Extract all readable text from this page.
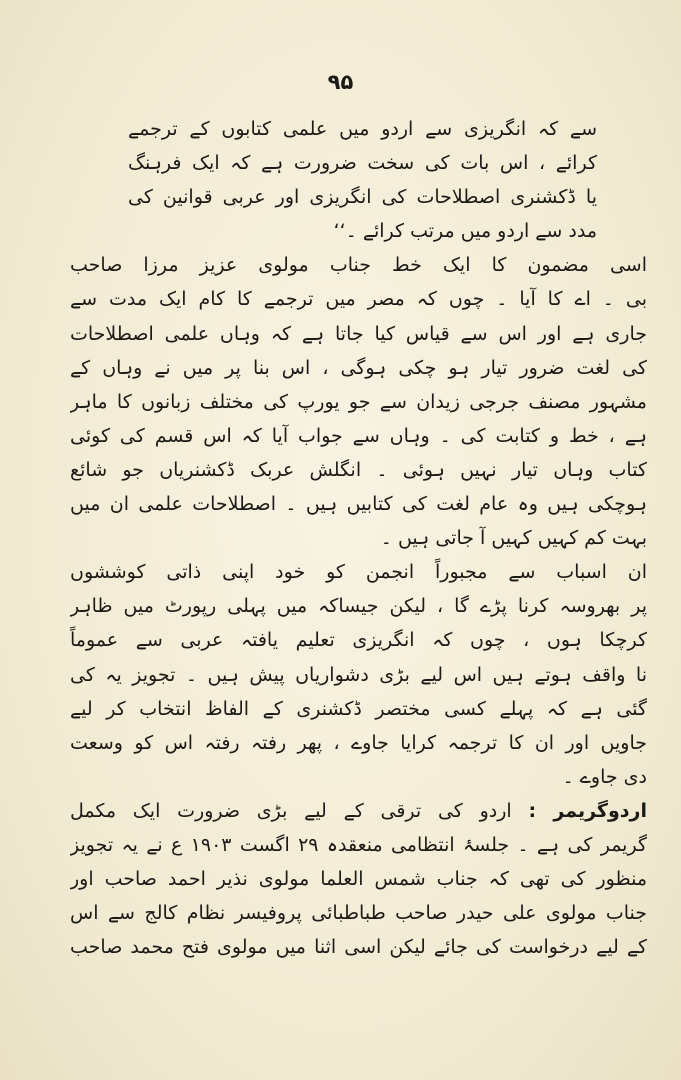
۹۵
سے کہ انگریزی سے اردو میں علمی کتابوں کے ترجمے
کرائے ، اس بات کی سخت ضرورت ہے کہ ایک فرہنگ
یا ڈکشنری اصطلاحات کی انگریزی اور عربی قوانین کی
مدد سے اردو میں مرتب کرائے ۔‘‘
اسی مضمون کا ایک خط جناب مولوی عزیز مرزا صاحب
بی ۔ اے کا آیا ۔ چوں کہ مصر میں ترجمے کا کام ایک مدت سے
جاری ہے اور اس سے قیاس کیا جاتا ہے کہ وہاں علمی اصطلاحات
کی لغت ضرور تیار ہو چکی ہوگی ، اس بنا پر میں نے وہاں کے
مشہور مصنف جرجی زیدان سے جو یورپ کی مختلف زبانوں کا ماہر
ہے ، خط و کتابت کی ۔ وہاں سے جواب آیا کہ اس قسم کی کوئی
کتاب وہاں تیار نہیں ہوئی ۔ انگلش عربک ڈکشنریاں جو شائع
ہوچکی ہیں وہ عام لغت کی کتابیں ہیں ۔ اصطلاحات علمی ان میں
بہت کم کہیں کہیں آ جاتی ہیں ۔
ان اسباب سے مجبوراً انجمن کو خود اپنی ذاتی کوششوں
پر بھروسہ کرنا پڑے گا ، لیکن جیساکہ میں پہلی رپورٹ میں ظاہر
کرچکا ہوں ، چوں کہ انگریزی تعلیم یافتہ عربی سے عموماً
نا واقف ہوتے ہیں اس لیے بڑی دشواریاں پیش ہیں ۔ تجویز یہ کی
گئی ہے کہ پہلے کسی مختصر ڈکشنری کے الفاظ انتخاب کر لیے
جاویں اور ان کا ترجمہ کرایا جاوے ، پھر رفتہ رفتہ اس کو وسعت
دی جاوے ۔
اردوگریمر : اردو کی ترقی کے لیے بڑی ضرورت ایک مکمل
گریمر کی ہے ۔ جلسۂ انتظامی منعقدہ ۲۹ اگست ۱۹۰۳ ع نے یہ تجویز
منظور کی تھی کہ جناب شمس العلما مولوی نذیر احمد صاحب اور
جناب مولوی علی حیدر صاحب طباطبائی پروفیسر نظام کالج سے اس
کے لیے درخواست کی جائے لیکن اسی اثنا میں مولوی فتح محمد صاحب
